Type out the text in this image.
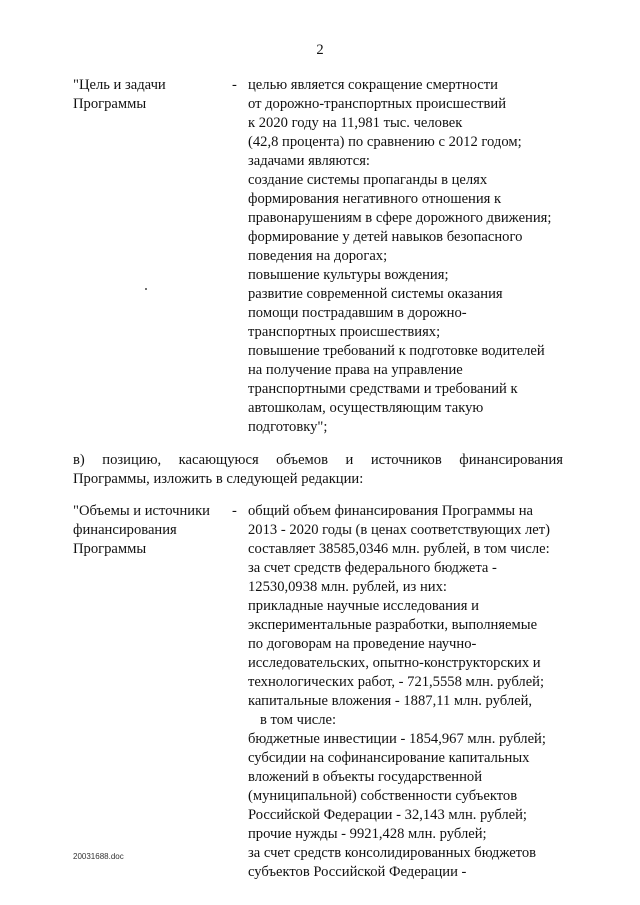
2
"Цель и задачи
Программы
- целью является сокращение смертности
от дорожно-транспортных происшествий
к 2020 году на 11,981 тыс. человек
(42,8 процента) по сравнению с 2012 годом;
задачами являются:
создание системы пропаганды в целях
формирования негативного отношения к
правонарушениям в сфере дорожного движения;
формирование у детей навыков безопасного
поведения на дорогах;
повышение культуры вождения;
развитие современной системы оказания
помощи пострадавшим в дорожно-
транспортных происшествиях;
повышение требований к подготовке водителей
на получение права на управление
транспортными средствами и требований к
автошколам, осуществляющим такую
подготовку";
в) позицию, касающуюся объемов и источников финансирования
Программы, изложить в следующей редакции:
"Объемы и источники
финансирования
Программы
- общий объем финансирования Программы на
2013 - 2020 годы (в ценах соответствующих лет)
составляет 38585,0346 млн. рублей, в том числе:
за счет средств федерального бюджета -
12530,0938 млн. рублей, из них:
прикладные научные исследования и
экспериментальные разработки, выполняемые
по договорам на проведение научно-
исследовательских, опытно-конструкторских и
технологических работ, - 721,5558 млн. рублей;
капитальные вложения - 1887,11 млн. рублей,
в том числе:
бюджетные инвестиции - 1854,967 млн. рублей;
субсидии на софинансирование капитальных
вложений в объекты государственной
(муниципальной) собственности субъектов
Российской Федерации - 32,143 млн. рублей;
прочие нужды - 9921,428 млн. рублей;
за счет средств консолидированных бюджетов
субъектов Российской Федерации -
20031688.doc
